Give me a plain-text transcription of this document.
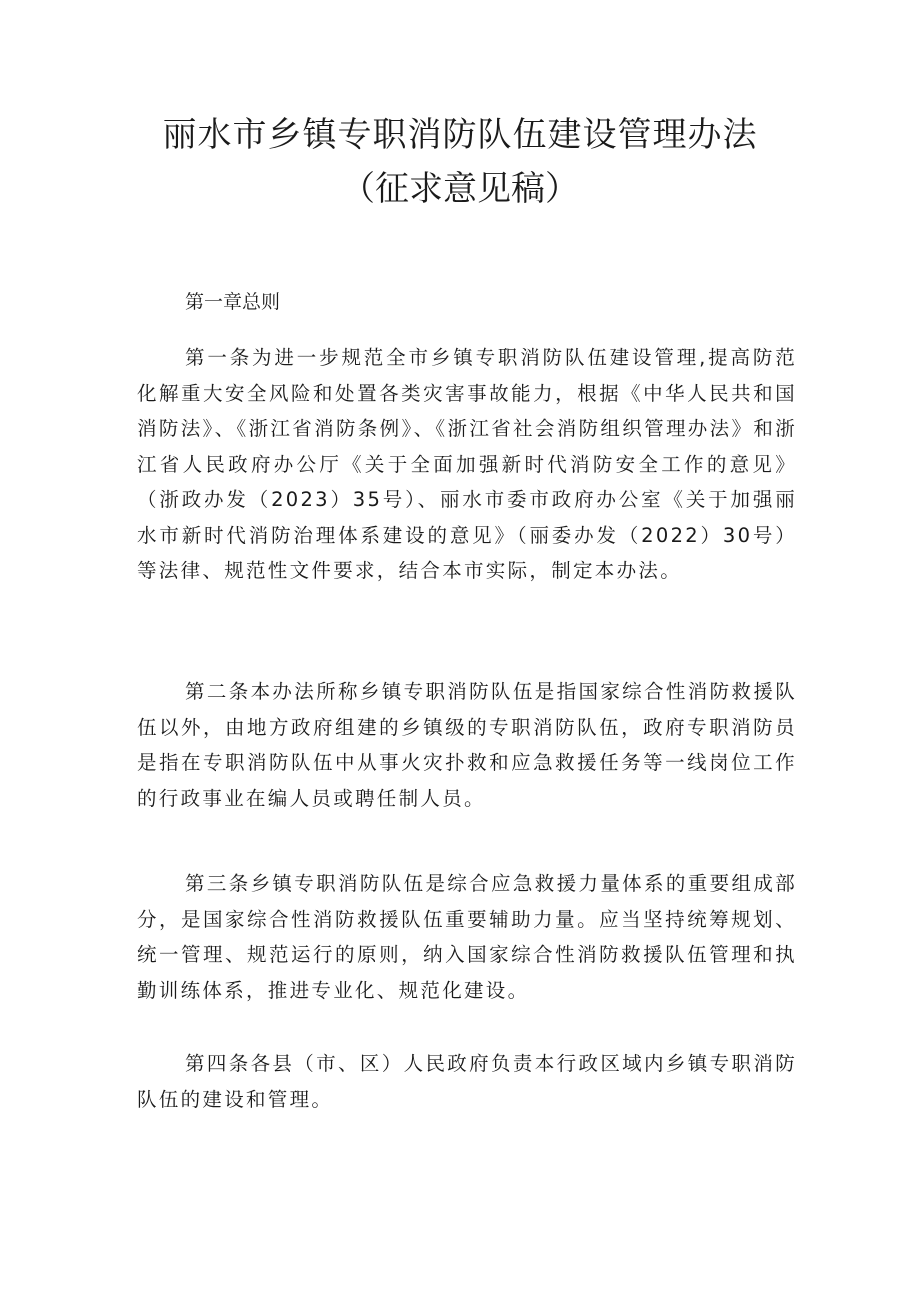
丽水市乡镇专职消防队伍建设管理办法
（征求意见稿）

第一章总则

第一条为进一步规范全市乡镇专职消防队伍建设管理,提高防范化解重大安全风险和处置各类灾害事故能力，根据《中华人民共和国消防法》、《浙江省消防条例》、《浙江省社会消防组织管理办法》和浙江省人民政府办公厅《关于全面加强新时代消防安全工作的意见》（浙政办发（2023）35号）、丽水市委市政府办公室《关于加强丽水市新时代消防治理体系建设的意见》（丽委办发（2022）30号）等法律、规范性文件要求，结合本市实际，制定本办法。

第二条本办法所称乡镇专职消防队伍是指国家综合性消防救援队伍以外，由地方政府组建的乡镇级的专职消防队伍，政府专职消防员是指在专职消防队伍中从事火灾扑救和应急救援任务等一线岗位工作的行政事业在编人员或聘任制人员。

第三条乡镇专职消防队伍是综合应急救援力量体系的重要组成部分，是国家综合性消防救援队伍重要辅助力量。应当坚持统筹规划、统一管理、规范运行的原则，纳入国家综合性消防救援队伍管理和执勤训练体系，推进专业化、规范化建设。

第四条各县（市、区）人民政府负责本行政区域内乡镇专职消防队伍的建设和管理。
